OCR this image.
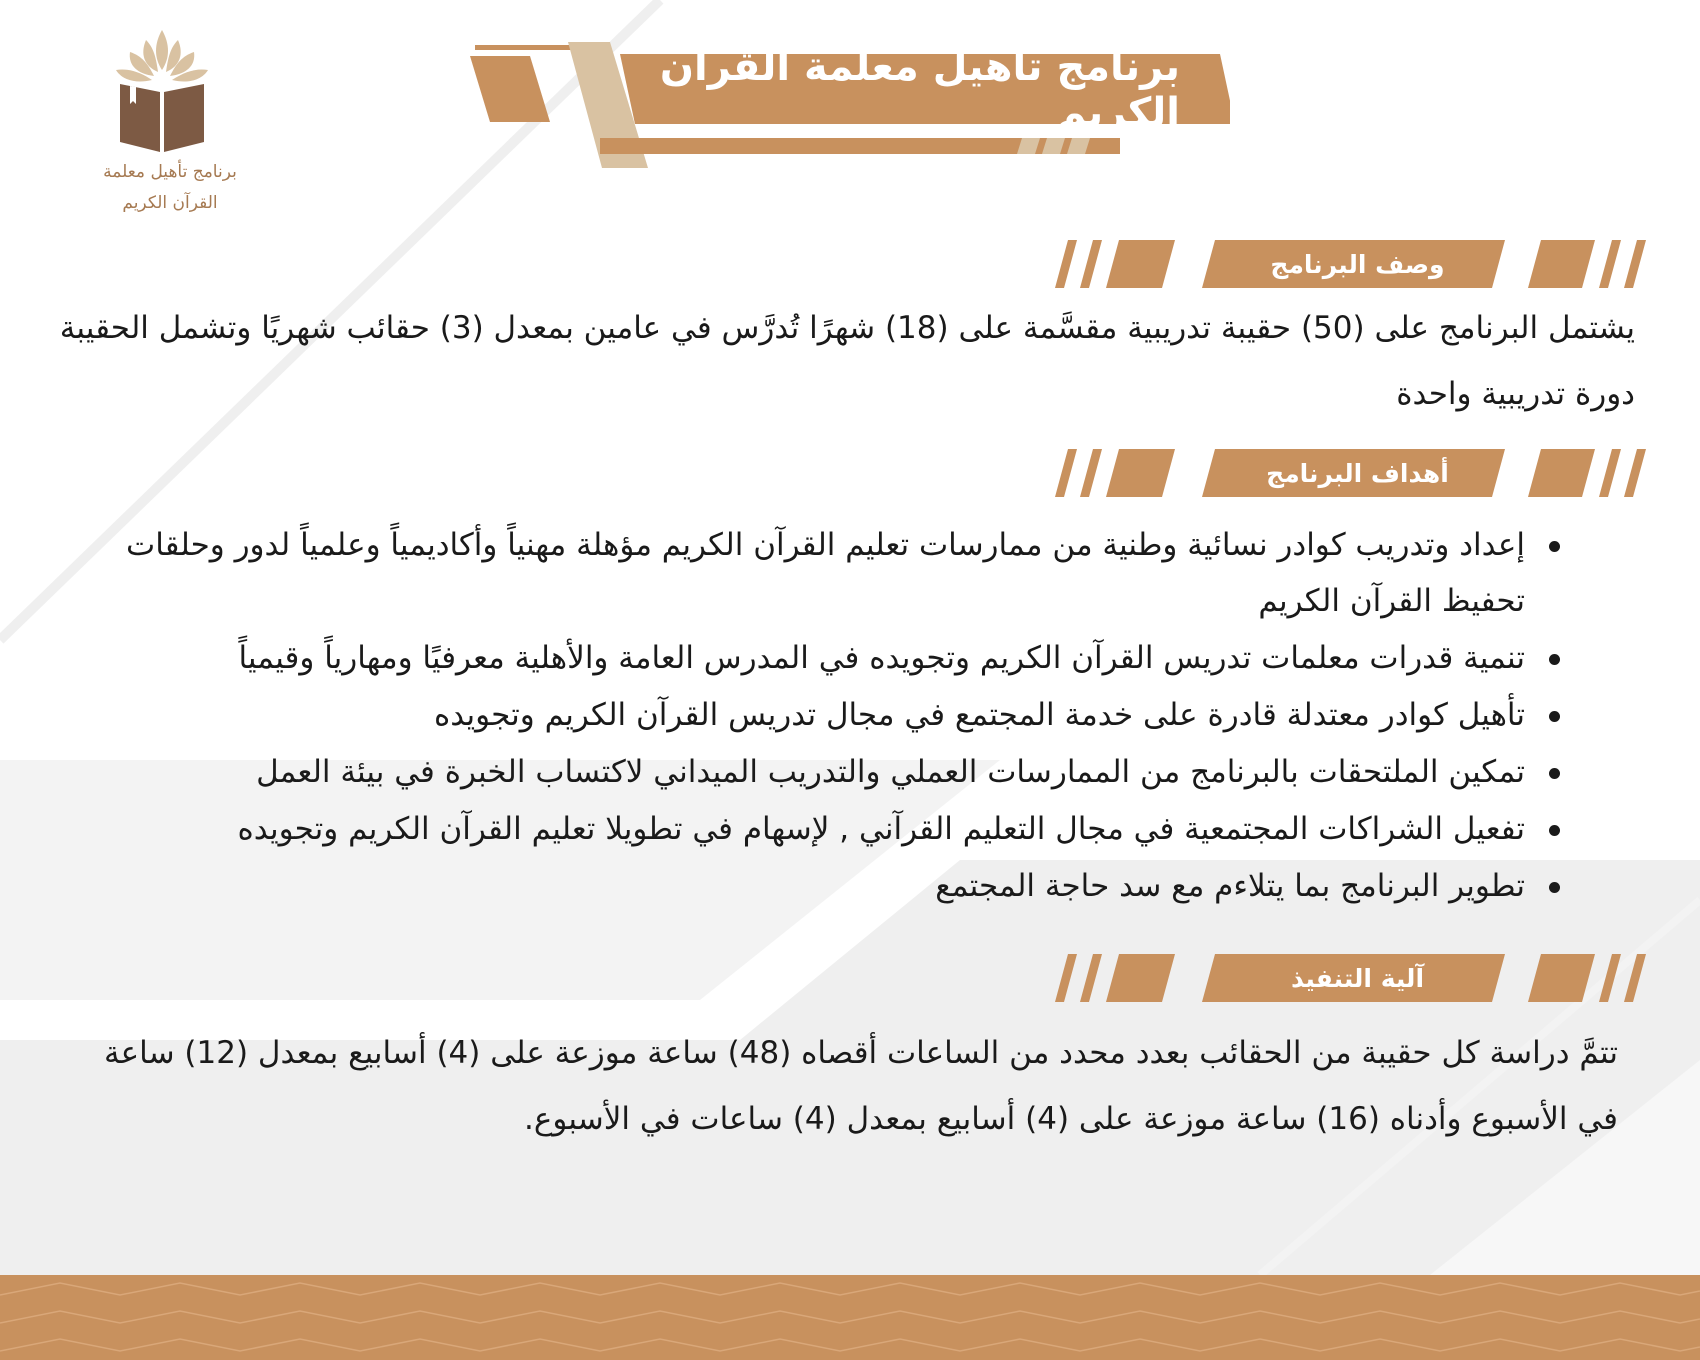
برنامج تأهيل معلمة القرآن الكريم
برنامج تأهيل معلمة
القرآن الكريم
وصف البرنامج

يشتمل البرنامج على (50) حقيبة تدريبية مقسَّمة على (18) شهرًا تُدرَّس في عامين بمعدل (3) حقائب شهريًا وتشمل الحقيبة دورة تدريبية واحدة

أهداف البرنامج
إعداد وتدريب كوادر نسائية وطنية من ممارسات تعليم القرآن الكريم مؤهلة مهنياً وأكاديمياً وعلمياً لدور وحلقات تحفيظ القرآن الكريم
تنمية قدرات معلمات تدريس القرآن الكريم وتجويده في المدرس العامة والأهلية معرفيًا ومهارياً وقيمياً
تأهيل كوادر معتدلة قادرة على خدمة المجتمع في مجال تدريس القرآن الكريم وتجويده
تمكين الملتحقات بالبرنامج من الممارسات العملي والتدريب الميداني لاكتساب الخبرة في بيئة العمل
تفعيل الشراكات المجتمعية في مجال التعليم القرآني , لإسهام في تطويلا تعليم القرآن الكريم وتجويده
تطوير البرنامج بما يتلاءم مع سد حاجة المجتمع
آلية التنفيذ

تتمَّ دراسة كل حقيبة من الحقائب بعدد محدد من الساعات أقصاه (48) ساعة موزعة على (4) أسابيع بمعدل (12) ساعة في الأسبوع وأدناه (16) ساعة موزعة على (4) أسابيع بمعدل (4) ساعات في الأسبوع.
